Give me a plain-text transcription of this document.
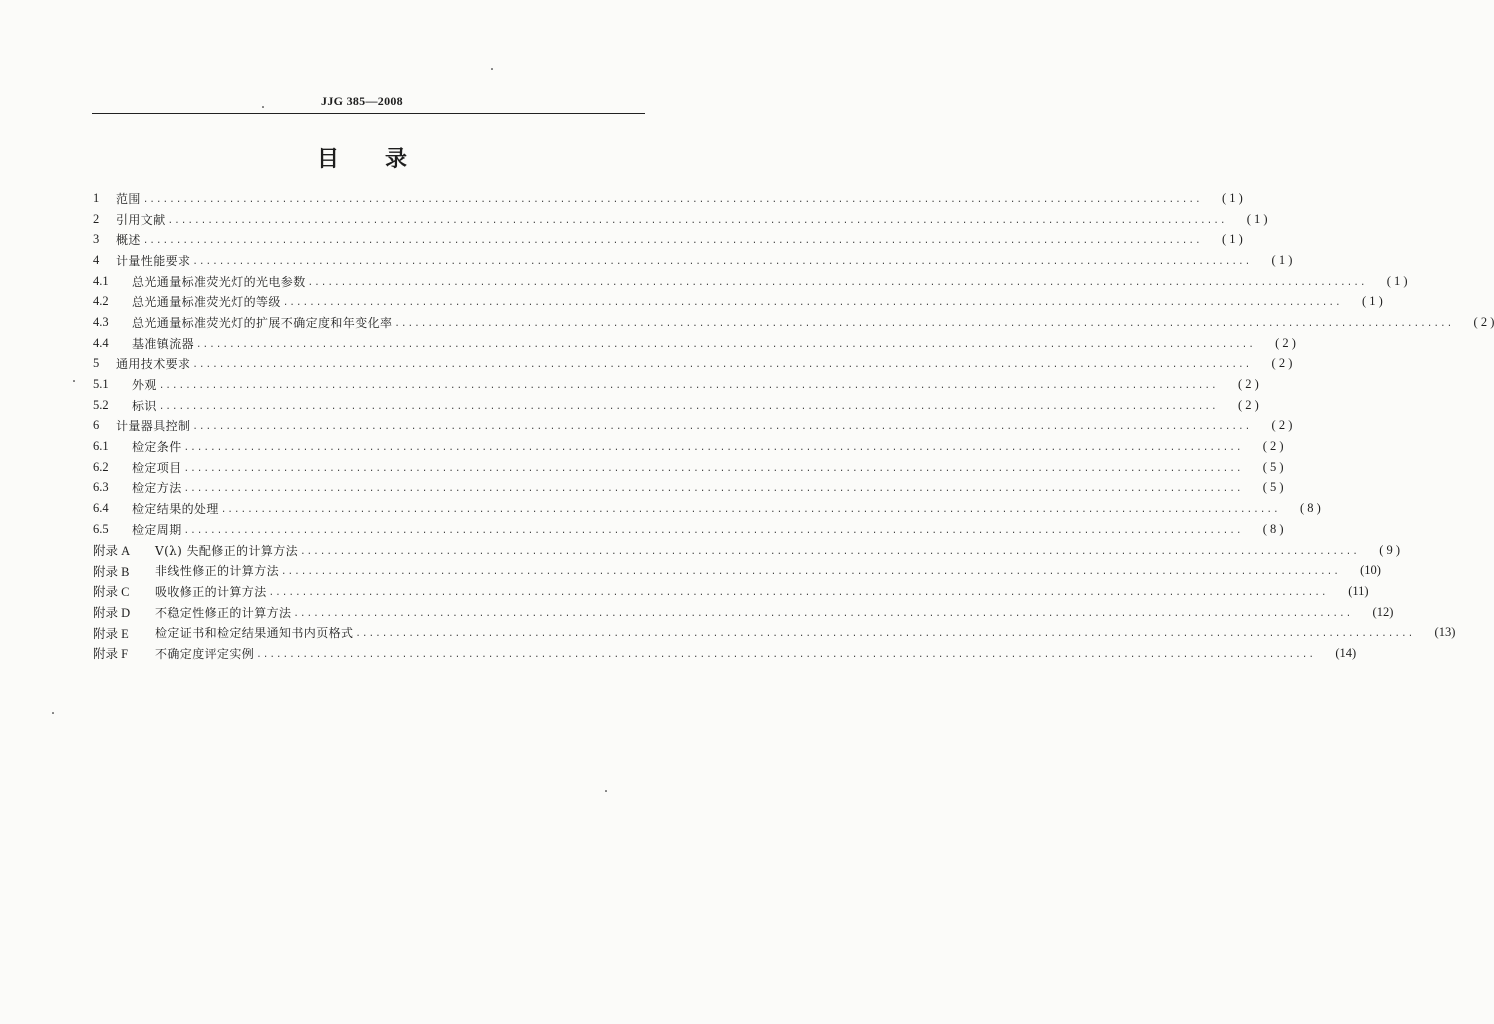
JJG 385—2008
目 录
1	范围 ................................................................................................................................................................	( 1 )
2	引用文献 ................................................................................................................................................................	( 1 )
3	概述 ................................................................................................................................................................	( 1 )
4	计量性能要求 ................................................................................................................................................................	( 1 )
4.1	总光通量标准荧光灯的光电参数 ................................................................................................................................................................	( 1 )
4.2	总光通量标准荧光灯的等级 ................................................................................................................................................................	( 1 )
4.3	总光通量标准荧光灯的扩展不确定度和年变化率 ................................................................................................................................................................	( 2 )
4.4	基准镇流器 ................................................................................................................................................................	( 2 )
5	通用技术要求 ................................................................................................................................................................	( 2 )
5.1	外观 ................................................................................................................................................................	( 2 )
5.2	标识 ................................................................................................................................................................	( 2 )
6	计量器具控制 ................................................................................................................................................................	( 2 )
6.1	检定条件 ................................................................................................................................................................	( 2 )
6.2	检定项目 ................................................................................................................................................................	( 5 )
6.3	检定方法 ................................................................................................................................................................	( 5 )
6.4	检定结果的处理 ................................................................................................................................................................	( 8 )
6.5	检定周期 ................................................................................................................................................................	( 8 )
附录 A	V(λ) 失配修正的计算方法 ................................................................................................................................................................	( 9 )
附录 B	非线性修正的计算方法 ................................................................................................................................................................	(10)
附录 C	吸收修正的计算方法 ................................................................................................................................................................	(11)
附录 D	不稳定性修正的计算方法 ................................................................................................................................................................	(12)
附录 E	检定证书和检定结果通知书内页格式 ................................................................................................................................................................	(13)
附录 F	不确定度评定实例 ................................................................................................................................................................	(14)
